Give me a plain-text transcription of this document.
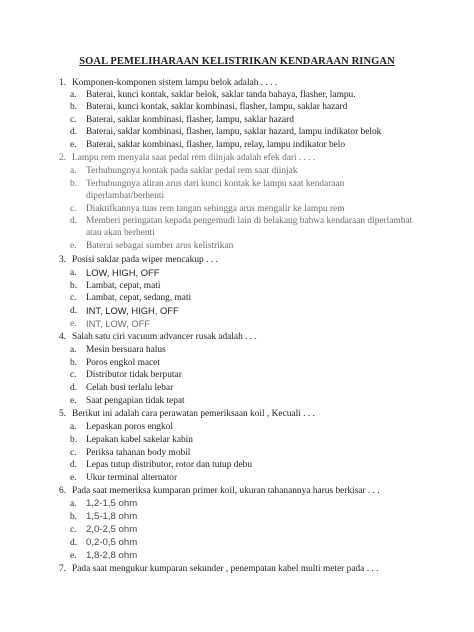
SOAL PEMELIHARAAN KELISTRIKAN KENDARAAN RINGAN
1. Komponen-komponen sistem lampu belok adalah . . . .
a.	Baterai, kunci kontak, saklar belok, saklar tanda bahaya, flasher, lampu.
b. Baterai, kunci kontak, saklar kombinasi, flasher, lampu, saklar hazard
c.	Baterai, saklar kombinasi, flasher, lampu, saklar hazard
d. Baterai, saklar kombinasi, flasher, lampu, saklar hazard, lampu indikator belok
e.	Baterai, saklar kombinasi, flasher, lampu, relay, lampu indikator belo
2. Lampu rem menyala saat pedal rem diinjak adalah efek dari . . . .
a.	Terhubungnya kontak pada saklar pedal rem saat diinjak
b. Terhubungnya aliran arus dari kunci kontak ke lampu saat kendaraan
diperlambat/berhenti
c.	Diaktifkannya tuas rem tangan sehingga arus mengalir ke lampu rem
d. Memberi peringatan kepada pengemudi lain di belakang bahwa kendaraan diperlambat
atau akan berhenti
e.	Baterai sebagai sumber arus kelistrikan
3. Posisi saklar pada wiper mencakup . . .
a.	LOW, HIGH, OFF
b. Lambat, cepat, mati
c.	Lambat, cepat, sedang, mati
d. INT, LOW, HIGH, OFF
e.	INT, LOW, OFF
4. Salah satu ciri vacuum advancer rusak adalah . . .
a.	Mesin bersuara halus
b. Poros engkol macet
c.	Distributor tidak berputar
d. Celah busi terlalu lebar
e.	Saat pengapian tidak tepat
5. Berikut ini adalah cara perawatan pemeriksaan koil , Kecuali . . .
a.	Lepaskan poros engkol
b. Lepakan kabel sakelar kabin
c.	Periksa tahanan body mobil
d. Lepas tutup distributor, rotor dan tutup debu
e.	Ukur terminal alternator
6. Pada saat memeriksa kumparan primer koil, ukuran tahanannya harus berkisar . . .
a. 1,2-1,5 ohm
b. 1,5-1,8 ohm
c. 2,0-2,5 ohm
d. 0,2-0,5 ohm
e. 1,8-2,8 ohm
7. Pada saat mengukur kumparan sekunder , penempatan kabel multi meter pada . . .
